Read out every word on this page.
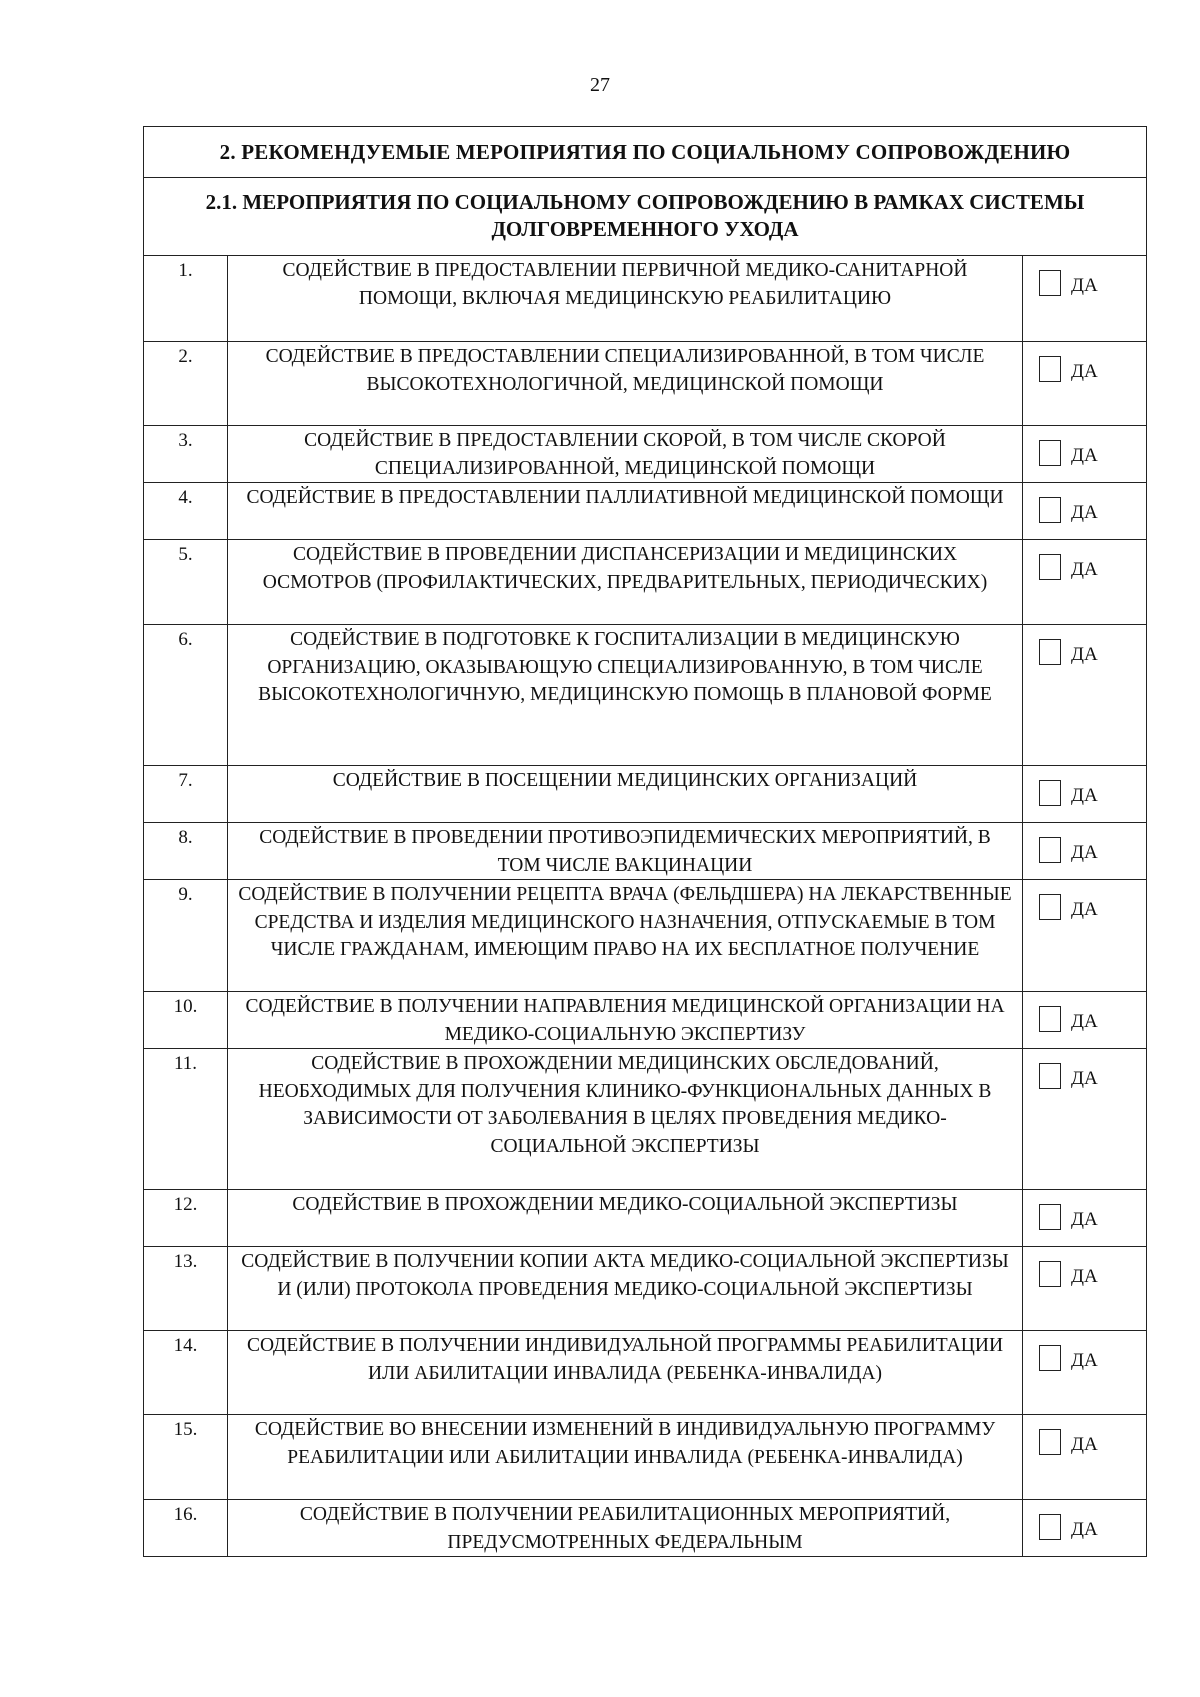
27
2. РЕКОМЕНДУЕМЫЕ МЕРОПРИЯТИЯ ПО СОЦИАЛЬНОМУ СОПРОВОЖДЕНИЮ		
2.1. МЕРОПРИЯТИЯ ПО СОЦИАЛЬНОМУ СОПРОВОЖДЕНИЮ В РАМКАХ СИСТЕМЫ ДОЛГОВРЕМЕННОГО УХОДА		
1.	СОДЕЙСТВИЕ В ПРЕДОСТАВЛЕНИИ ПЕРВИЧНОЙ МЕДИКО-САНИТАРНОЙ ПОМОЩИ, ВКЛЮЧАЯ МЕДИЦИНСКУЮ РЕАБИЛИТАЦИЮ	ДА

2.	СОДЕЙСТВИЕ В ПРЕДОСТАВЛЕНИИ СПЕЦИАЛИЗИРОВАННОЙ, В ТОМ ЧИСЛЕ ВЫСОКОТЕХНОЛОГИЧНОЙ, МЕДИЦИНСКОЙ ПОМОЩИ	ДА

3.	СОДЕЙСТВИЕ В ПРЕДОСТАВЛЕНИИ СКОРОЙ, В ТОМ ЧИСЛЕ СКОРОЙ СПЕЦИАЛИЗИРОВАННОЙ, МЕДИЦИНСКОЙ ПОМОЩИ	ДА

4.	СОДЕЙСТВИЕ В ПРЕДОСТАВЛЕНИИ ПАЛЛИАТИВНОЙ МЕДИЦИНСКОЙ ПОМОЩИ	ДА

5.	СОДЕЙСТВИЕ В ПРОВЕДЕНИИ ДИСПАНСЕРИЗАЦИИ И МЕДИЦИНСКИХ ОСМОТРОВ (ПРОФИЛАКТИЧЕСКИХ, ПРЕДВАРИТЕЛЬНЫХ, ПЕРИОДИЧЕСКИХ)	ДА

6.	СОДЕЙСТВИЕ В ПОДГОТОВКЕ К ГОСПИТАЛИЗАЦИИ В МЕДИЦИНСКУЮ ОРГАНИЗАЦИЮ, ОКАЗЫВАЮЩУЮ СПЕЦИАЛИЗИРОВАННУЮ, В ТОМ ЧИСЛЕ ВЫСОКОТЕХНОЛОГИЧНУЮ, МЕДИЦИНСКУЮ ПОМОЩЬ В ПЛАНОВОЙ ФОРМЕ	ДА

7.	СОДЕЙСТВИЕ В ПОСЕЩЕНИИ МЕДИЦИНСКИХ ОРГАНИЗАЦИЙ	ДА

8.	СОДЕЙСТВИЕ В ПРОВЕДЕНИИ ПРОТИВОЭПИДЕМИЧЕСКИХ МЕРОПРИЯТИЙ, В ТОМ ЧИСЛЕ ВАКЦИНАЦИИ	ДА

9.	СОДЕЙСТВИЕ В ПОЛУЧЕНИИ РЕЦЕПТА ВРАЧА (ФЕЛЬДШЕРА) НА ЛЕКАРСТВЕННЫЕ СРЕДСТВА И ИЗДЕЛИЯ МЕДИЦИНСКОГО НАЗНАЧЕНИЯ, ОТПУСКАЕМЫЕ В ТОМ ЧИСЛЕ ГРАЖДАНАМ, ИМЕЮЩИМ ПРАВО НА ИХ БЕСПЛАТНОЕ ПОЛУЧЕНИЕ	ДА

10.	СОДЕЙСТВИЕ В ПОЛУЧЕНИИ НАПРАВЛЕНИЯ МЕДИЦИНСКОЙ ОРГАНИЗАЦИИ НА МЕДИКО-СОЦИАЛЬНУЮ ЭКСПЕРТИЗУ	ДА

11.	СОДЕЙСТВИЕ В ПРОХОЖДЕНИИ МЕДИЦИНСКИХ ОБСЛЕДОВАНИЙ, НЕОБХОДИМЫХ ДЛЯ ПОЛУЧЕНИЯ КЛИНИКО-ФУНКЦИОНАЛЬНЫХ ДАННЫХ В ЗАВИСИМОСТИ ОТ ЗАБОЛЕВАНИЯ В ЦЕЛЯХ ПРОВЕДЕНИЯ МЕДИКО-СОЦИАЛЬНОЙ ЭКСПЕРТИЗЫ	ДА

12.	СОДЕЙСТВИЕ В ПРОХОЖДЕНИИ МЕДИКО-СОЦИАЛЬНОЙ ЭКСПЕРТИЗЫ	ДА

13.	СОДЕЙСТВИЕ В ПОЛУЧЕНИИ КОПИИ АКТА МЕДИКО-СОЦИАЛЬНОЙ ЭКСПЕРТИЗЫ И (ИЛИ) ПРОТОКОЛА ПРОВЕДЕНИЯ МЕДИКО-СОЦИАЛЬНОЙ ЭКСПЕРТИЗЫ	ДА

14.	СОДЕЙСТВИЕ В ПОЛУЧЕНИИ ИНДИВИДУАЛЬНОЙ ПРОГРАММЫ РЕАБИЛИТАЦИИ ИЛИ АБИЛИТАЦИИ ИНВАЛИДА (РЕБЕНКА-ИНВАЛИДА)	ДА

15.	СОДЕЙСТВИЕ ВО ВНЕСЕНИИ ИЗМЕНЕНИЙ В ИНДИВИДУАЛЬНУЮ ПРОГРАММУ РЕАБИЛИТАЦИИ ИЛИ АБИЛИТАЦИИ ИНВАЛИДА (РЕБЕНКА-ИНВАЛИДА)	ДА

16.	СОДЕЙСТВИЕ В ПОЛУЧЕНИИ РЕАБИЛИТАЦИОННЫХ МЕРОПРИЯТИЙ, ПРЕДУСМОТРЕННЫХ ФЕДЕРАЛЬНЫМ	ДА
